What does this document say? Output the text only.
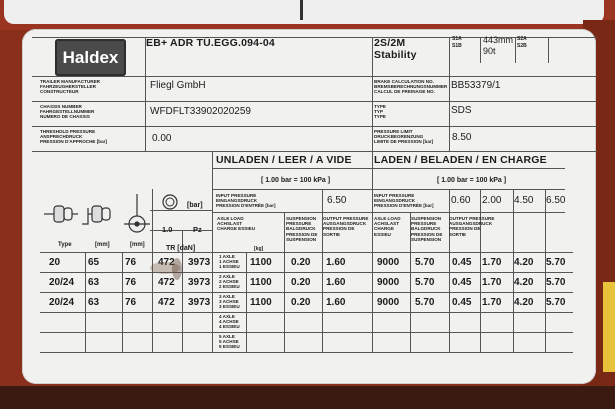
Haldex
EB+ ADR TÜ.EGG.094-04	2S/2M
Stability
S1A
S1B
443mm
90t
S2A
S2B
TRAILER MANUFACTURER
FAHRZEUGHERSTELLER
CONSTRUCTEUR
Fliegl GmbH	BRAKE CALCULATION NO.
BREMSBERECHNUNGSNUMMER
CALCUL DE FREINAGE NO.
BB53379/1
CHASSIS NUMBER
FAHRGESTELLNUMMER
NUMERO DE CHASSIS	WFDFLT33902020259	TYPE
TYP
TYPE
SDS
THRESHOLD PRESSURE
ANSPRECHDRUCK
PRESSION D'APPROCHE [bar]	0.00
PRESSURE LIMIT
DRUCKBEGRENZUNG
LIMITE DE PRESSION [bar]	8.50
UNLADEN / LEER / A VIDE LADEN / BELADEN / EN CHARGE
[ 1.00 bar = 100 kPa ]	[ 1.00 bar = 100 kPa ]
INPUT PRESSURE
EINGANGSDRUCK
PRESSION D'ENTRÉE [bar]	6.50	INPUT PRESSURE
EINGANGSDRUCK
PRESSION D'ENTRÉE [bar]	0.60 2.00 4.50 6.50
Type	[mm]	[mm]
[bar]
1.0	Pz
TR [daN]
AXLE LOAD
ACHSLAST
CHARGE ESSIEU
[kg]
SUSPENSION
PRESSURE
BALGDRUCK
PRESSION DE
SUSPENSION
OUTPUT PRESSURE
AUSGANGSDRUCK
PRESSION DE
SORTIE
AXLE LOAD
ACHSLAST
CHARGE ESSIEU
SUSPENSION
PRESSURE
BALGDRUCK
PRESSION DE
SUSPENSION
OUTPUT PRESSURE
AUSGANGSDRUCK
PRESSION DE
SORTIE
20	65	76 472 3973	1100 0.20 1.60	9000 5.70 0.45 1.70 4.20 5.70
1 AXLE
1 ACHSE
1 ESSIEU
20/24 63	76 472 3973	1100 0.20 1.60	9000 5.70 0.45 1.70 4.20 5.70
2 AXLE
2 ACHSE
2 ESSIEU
20/24 63	76 472 3973	1100 0.20 1.60	9000 5.70 0.45 1.70 4.20 5.70
3 AXLE
3 ACHSE
3 ESSIEU
4 AXLE
4 ACHSE
4 ESSIEU
5 AXLE
5 ACHSE
5 ESSIEU
